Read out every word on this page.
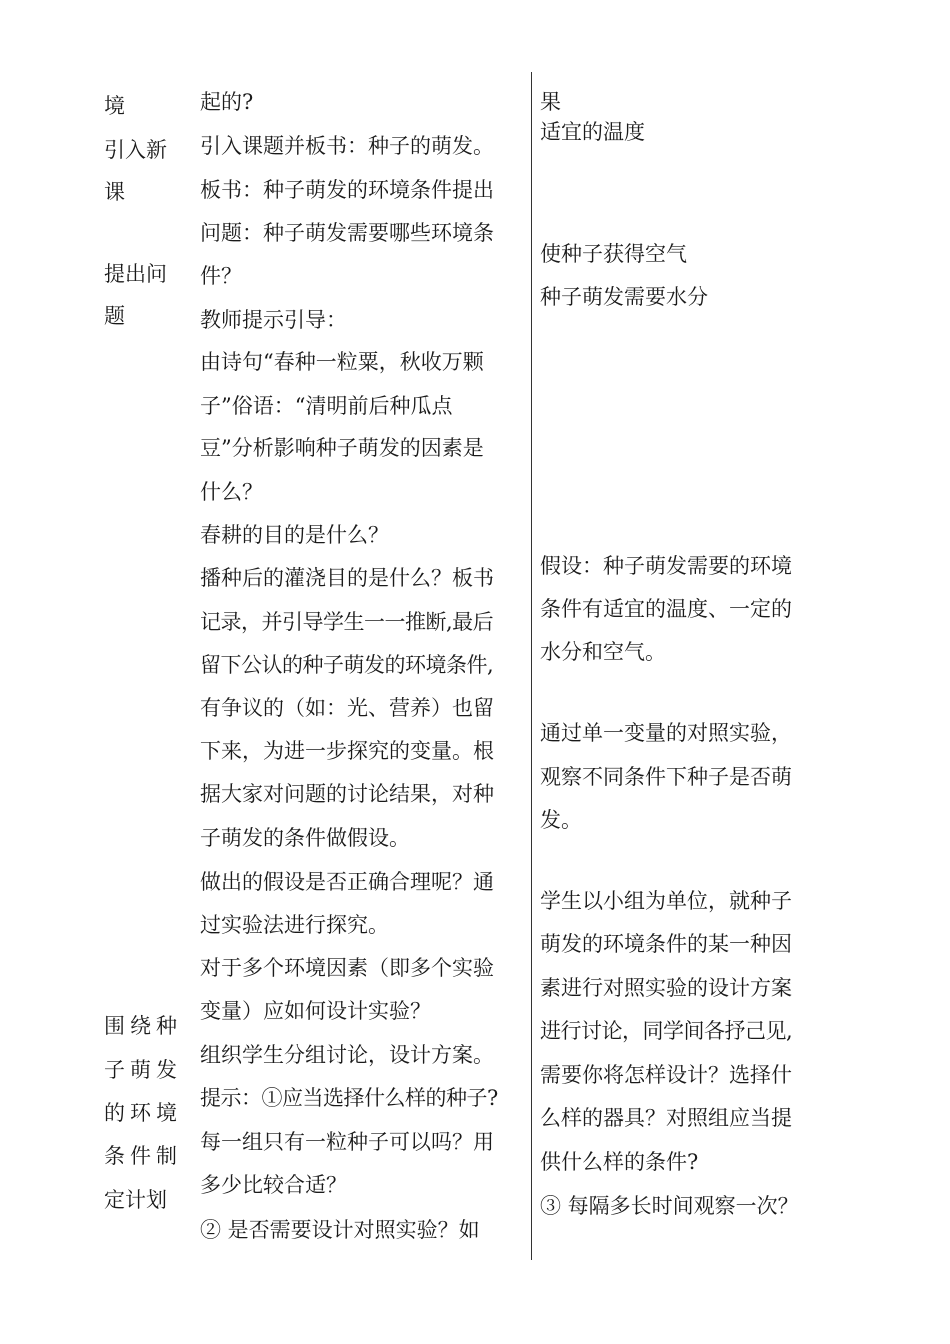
境
引入新
课
提出问
题
围绕种
子萌发
的环境
条件制
定计划
起的?
引入课题并板书：种子的萌发。
板书：种子萌发的环境条件提出
问题：种子萌发需要哪些环境条
件？
教师提示引导：
由诗句“春种一粒粟，秋收万颗
子”俗语：“清明前后种瓜点
豆”分析影响种子萌发的因素是
什么？
春耕的目的是什么？
播种后的灌浇目的是什么？板书
记录，并引导学生一一推断,最后
留下公认的种子萌发的环境条件,
有争议的（如：光、营养）也留
下来，为进一步探究的变量。根
据大家对问题的讨论结果，对种
子萌发的条件做假设。
做出的假设是否正确合理呢？通
过实验法进行探究。
对于多个环境因素（即多个实验
变量）应如何设计实验？
组织学生分组讨论，设计方案。
提示：①应当选择什么样的种子?
每一组只有一粒种子可以吗？用
多少比较合适？
② 是否需要设计对照实验？如
果
适宜的温度
使种子获得空气
种子萌发需要水分
假设：种子萌发需要的环境
条件有适宜的温度、一定的
水分和空气。
通过单一变量的对照实验，
观察不同条件下种子是否萌
发。
学生以小组为单位，就种子
萌发的环境条件的某一种因
素进行对照实验的设计方案
进行讨论，同学间各抒己见,
需要你将怎样设计？选择什
么样的器具？对照组应当提
供什么样的条件?
③ 每隔多长时间观察一次？
